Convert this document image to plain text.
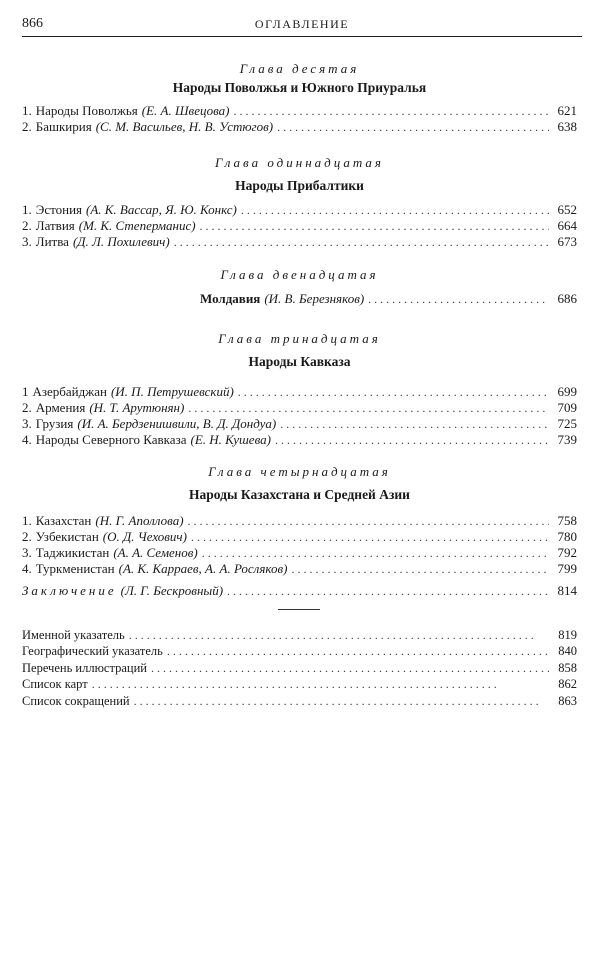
866	ОГЛАВЛЕНИЕ
Глава десятая
Народы Поволжья и Южного Приуралья
1. Народы Поволжья (Е. А. Швецова) . . .	621
2. Башкирия (С. М. Васильев, Н. В. Устюгов) . . .	638
Глава одиннадцатая
Народы Прибалтики
1. Эстония (А. К. Вассар, Я. Ю. Конкс) . . .	652
2. Латвия (М. К. Степерманис) . . .	664
3. Литва (Д. Л. Похилевич) . . .	673
Глава двенадцатая
Молдавия (И. В. Березняков) . . .	686
Глава тринадцатая
Народы Кавказа
1 Азербайджан (И. П. Петрушевский) . . .	699
2. Армения (Н. Т. Арутюнян) . . .	709
3. Грузия (И. А. Бердзенишвили, В. Д. Дондуа) . . .	725
4. Народы Северного Кавказа (Е. Н. Кушева) . . .	739
Глава четырнадцатая
Народы Казахстана и Средней Азии
1. Казахстан (Н. Г. Аполлова) . . .	758
2. Узбекистан (О. Д. Чехович) . . .	780
3. Таджикистан (А. А. Семенов) . . .	792
4. Туркменистан (А. К. Карраев, А. А. Росляков) . . .	799
Заключение (Л. Г. Бескровный) . . .	814
Именной указатель . . .	819
Географический указатель . . .	840
Перечень иллюстраций . . .	858
Список карт . . .	862
Список сокращений . . .	863
